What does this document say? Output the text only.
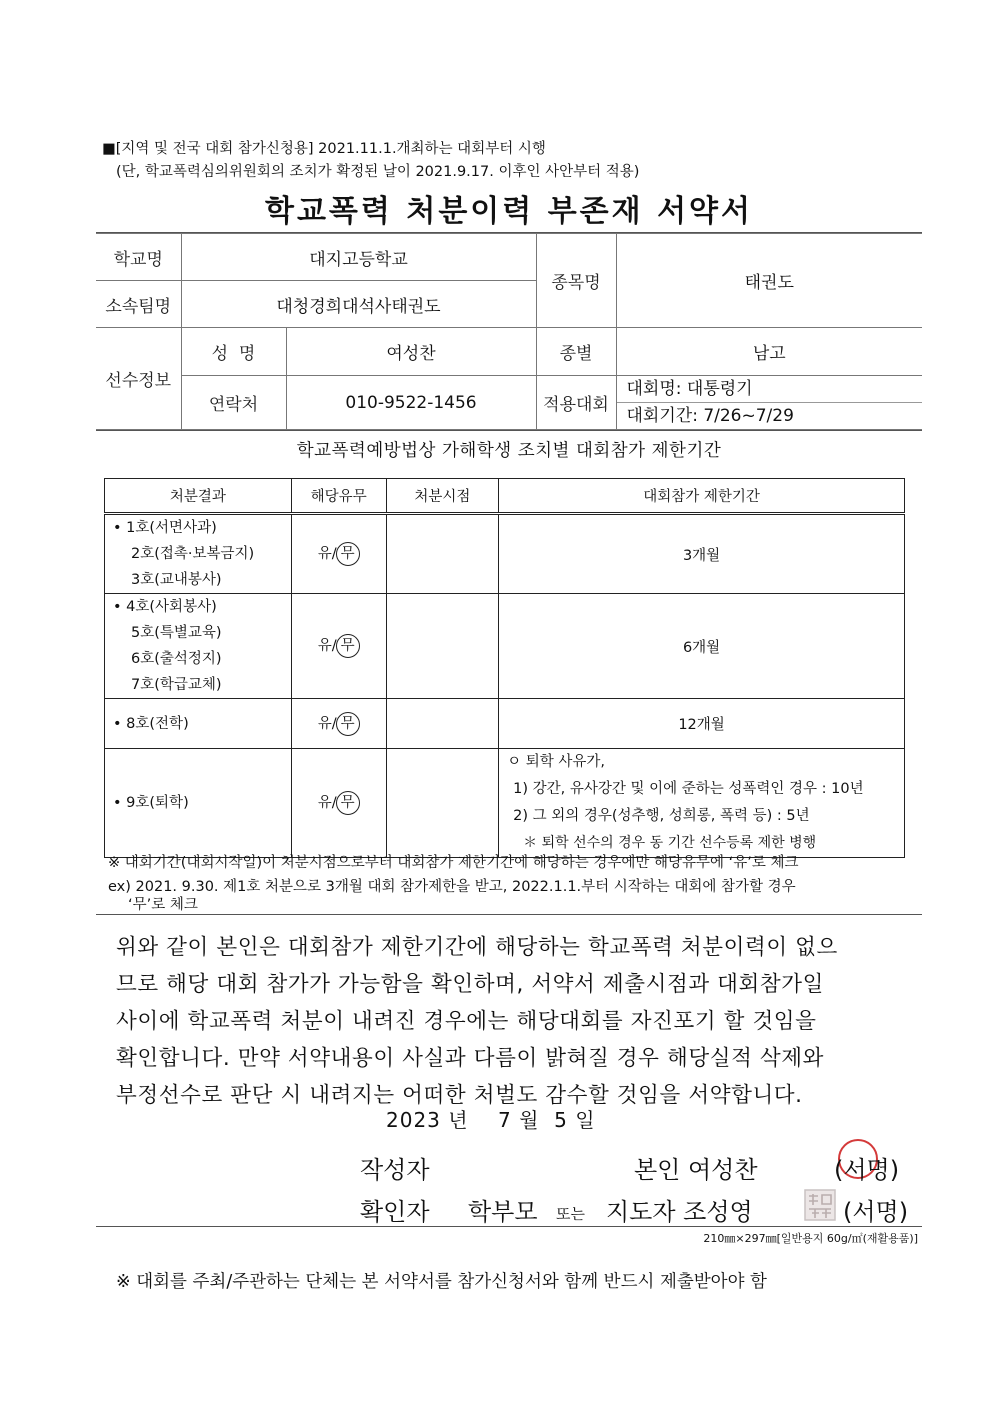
■[지역 및 전국 대회 참가신청용] 2021.11.1.개최하는 대회부터 시행
(단, 학교폭력심의위원회의 조치가 확정된 날이 2021.9.17. 이후인 사안부터 적용)
학교폭력 처분이력 부존재 서약서
학교명	대지고등학교		종목명	태권도
소속팀명	대청경희대석사태권도			
선수정보	성  명	여성찬	종별	남고
	연락처	010-9522-1456	적용대회	대회명: 대통령기
대회기간: 7/26~7/29
학교폭력예방법상 가해학생 조치별 대회참가 제한기간
처분결과	해당유무	처분시점	대회참가 제한기간

• 1호(서면사과)
2호(접촉·보복금지)
3호(교내봉사)	유/ 무		3개월

• 4호(사회봉사)
5호(특별교육)
6호(출석정지)
7호(학급교체)	유/ 무		6개월

• 8호(전학)	유/ 무		12개월

• 9호(퇴학)	유/ 무		ㅇ 퇴학 사유가,
1) 강간, 유사강간 및 이에 준하는 성폭력인 경우 : 10년
2) 그 외의 경우(성추행, 성희롱, 폭력 등) : 5년
＊ 퇴학 선수의 경우 동 기간 선수등록 제한 병행
※ 대회기간(대회시작일)이 처분시점으로부터 대회참가 제한기간에 해당하는 경우에만 해당유무에 ‘유’로 체크
ex) 2021. 9.30. 제1호 처분으로 3개월 대회 참가제한을 받고, 2022.1.1.부터 시작하는 대회에 참가할 경우
‘무’로 체크
위와 같이 본인은 대회참가 제한기간에 해당하는 학교폭력 처분이력이 없으
므로 해당 대회 참가가 가능함을 확인하며, 서약서 제출시점과 대회참가일
사이에 학교폭력 처분이 내려진 경우에는 해당대회를 자진포기 할 것임을
확인합니다. 만약 서약내용이 사실과 다름이 밝혀질 경우 해당실적 삭제와
부정선수로 판단 시 내려지는 어떠한 처벌도 감수할 것임을 서약합니다.
2023 년    7 월  5 일
작성자	본인 여성찬	(서명)
확인자 학부모 또는 지도자 조성영	(서명)
210㎜×297㎜[일반용지 60g/㎡(재활용품)]
※ 대회를 주최/주관하는 단체는 본 서약서를 참가신청서와 함께 반드시 제출받아야 함
